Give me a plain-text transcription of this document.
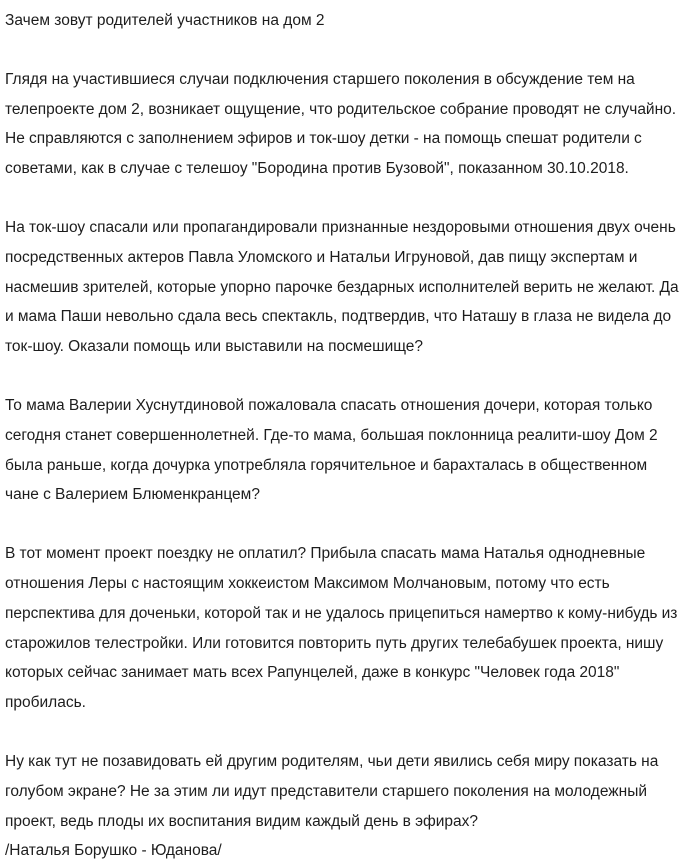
Зачем зовут родителей участников на дом 2

Глядя на участившиеся случаи подключения старшего поколения в обсуждение тем на телепроекте дом 2, возникает ощущение, что родительское собрание проводят не случайно. Не справляются с заполнением эфиров и ток-шоу детки - на помощь спешат родители с советами, как в случае с телешоу "Бородина против Бузовой", показанном 30.10.2018.

На ток-шоу спасали или пропагандировали признанные нездоровыми отношения двух очень посредственных актеров Павла Уломского и Натальи Игруновой, дав пищу экспертам и насмешив зрителей, которые упорно парочке бездарных исполнителей верить не желают. Да и мама Паши невольно сдала весь спектакль, подтвердив, что Наташу в глаза не видела до ток-шоу. Оказали помощь или выставили на посмешище?

То мама Валерии Хуснутдиновой пожаловала спасать отношения дочери, которая только сегодня станет совершеннолетней. Где-то мама, большая поклонница реалити-шоу Дом 2 была раньше, когда дочурка употребляла горячительное и барахталась в общественном чане с Валерием Блюменкранцем?

В тот момент проект поездку не оплатил? Прибыла спасать мама Наталья однодневные отношения Леры с настоящим хоккеистом Максимом Молчановым, потому что есть перспектива для доченьки, которой так и не удалось прицепиться намертво к кому-нибудь из старожилов телестройки. Или готовится повторить путь других телебабушек проекта, нишу которых сейчас занимает мать всех Рапунцелей, даже в конкурс "Человек года 2018" пробилась.

Ну как тут не позавидовать ей другим родителям, чьи дети явились себя миру показать на голубом экране? Не за этим ли идут представители старшего поколения на молодежный проект, ведь плоды их воспитания видим каждый день в эфирах?

/Наталья Борушко - Юданова/
